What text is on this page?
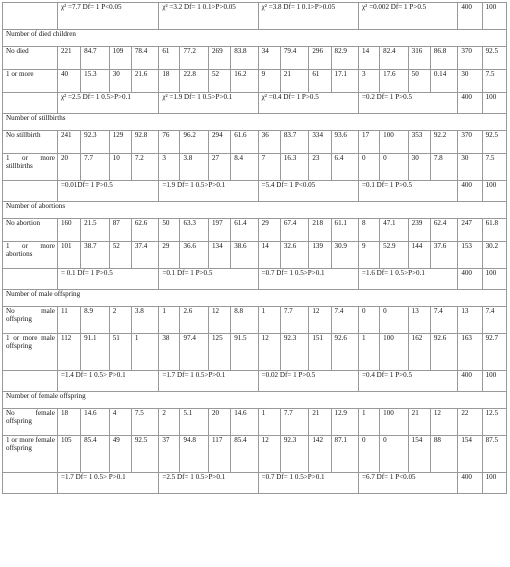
	χ² =7.7 Df= 1 P<0.05				χ² =3.2 Df= 1 0.1>P>0.05				χ² =3.8 Df= 1 0.1>P>0.05				χ² =0.002 Df= 1 P>0.5				400	100
Number of died children																		
No died	221	84.7	109	78.4	61	77.2	269	83.8	34	79.4	296	82.9	14	82.4	316	86.8	370	92.5
1 or more	40	15.3	30	21.6	18	22.8	52	16.2	9	21	61	17.1	3	17.6	50	0.14	30	7.5
	χ² =2.5 Df= 1 0.5>P>0.1				χ² =1.9 Df= 1 0.5>P>0.1				χ² =0.4 Df= 1 P>0.5				=0.2 Df= 1 P>0.5				400	100
Number of stillbirths																		
No stillbirth	241	92.3	129	92.8	76	96.2	294	61.6	36	83.7	334	93.6	17	100	353	92.2	370	92.5
1 or more stillbirths	20	7.7	10	7.2	3	3.8	27	8.4	7	16.3	23	6.4	0	0	30	7.8	30	7.5
	=0.01Df= 1 P>0.5				=1.9 Df= 1 0.5>P>0.1				=5.4 Df= 1 P<0.05				=0.1 Df= 1 P>0.5				400	100
Number of abortions																		
No abortion	160	21.5	87	62.6	50	63.3	197	61.4	29	67.4	218	61.1	8	47.1	239	62.4	247	61.8
1 or more abortions	101	38.7	52	37.4	29	36.6	134	38.6	14	32.6	139	30.9	9	52.9	144	37.6	153	30.2
	= 0.1 Df= 1 P>0.5				=0.1 Df= 1 P>0.5				=0.7 Df= 1 0.5>P>0.1				=1.6 Df= 1 0.5>P>0.1				400	100
Number of male offspring																		
No male offspring	11	8.9	2	3.8	1	2.6	12	8.8	1	7.7	12	7.4	0	0	13	7.4	13	7.4
1 or more male offspring	112	91.1	51	1	38	97.4	125	91.5	12	92.3	151	92.6	1	100	162	92.6	163	92.7
	=1.4 Df= 1 0.5> P>0.1				=1.7 Df= 1 0.5>P>0.1				=0.02 Df= 1 P>0.5				=0.4 Df= 1 P>0.5				400	100
Number of female offspring																		
No female offspring	18	14.6	4	7.5	2	5.1	20	14.6	1	7.7	21	12.9	1	100	21	12	22	12.5
1 or more female offspring	105	85.4	49	92.5	37	94.8	117	85.4	12	92.3	142	87.1	0	0	154	88	154	87.5
	=1.7 Df= 1 0.5> P>0.1				=2.5 Df= 1 0.5>P>0.1				=0.7 Df= 1 0.5>P>0.1				=6.7 Df= 1 P<0.05				400	100
